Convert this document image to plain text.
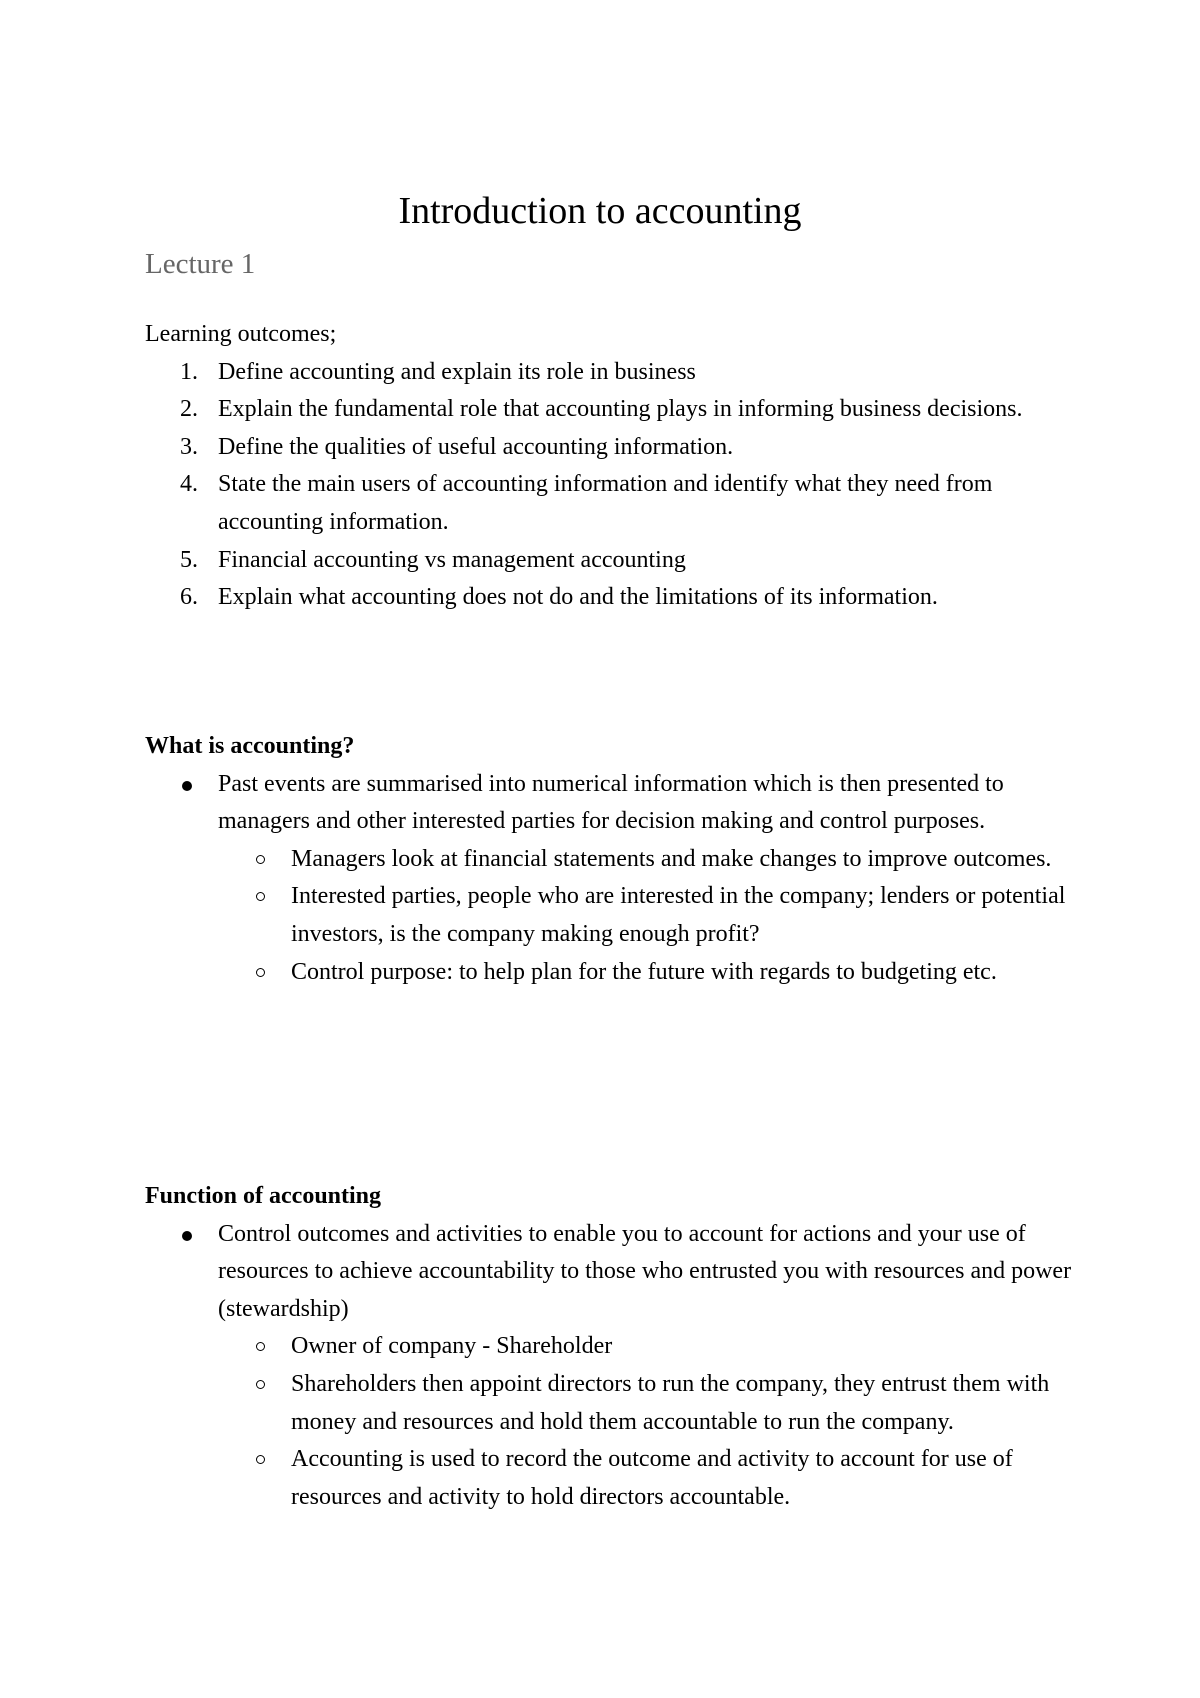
Introduction to accounting
Lecture 1

Learning outcomes;

1. Define accounting and explain its role in business
2. Explain the fundamental role that accounting plays in informing business decisions.
3. Define the qualities of useful accounting information.
4. State the main users of accounting information and identify what they need from accounting information.
5. Financial accounting vs management accounting
6. Explain what accounting does not do and the limitations of its information.

What is accounting?

Past events are summarised into numerical information which is then presented to managers and other interested parties for decision making and control purposes.
Managers look at financial statements and make changes to improve outcomes.
Interested parties, people who are interested in the company; lenders or potential investors, is the company making enough profit?
Control purpose: to help plan for the future with regards to budgeting etc.

Function of accounting

Control outcomes and activities to enable you to account for actions and your use of resources to achieve accountability to those who entrusted you with resources and power (stewardship)
Owner of company - Shareholder
Shareholders then appoint directors to run the company, they entrust them with money and resources and hold them accountable to run the company.
Accounting is used to record the outcome and activity to account for use of resources and activity to hold directors accountable.
